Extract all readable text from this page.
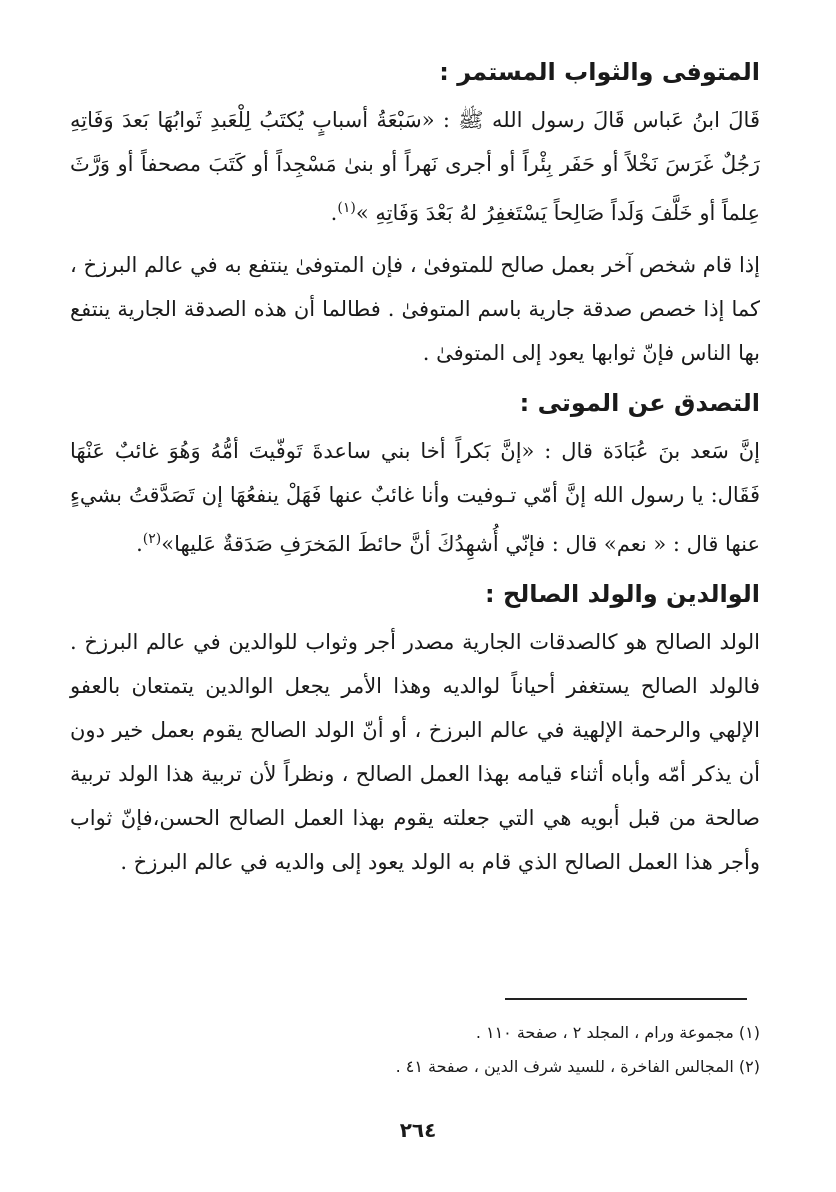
المتوفى والثواب المستمر :

قَالَ ابنُ عَباس قَالَ رسول الله ﷺ : «سَبْعَةُ أسبابٍ يُكتَبُ لِلْعَبدِ ثَوابُهَا بَعدَ وَفَاتِهِ رَجُلٌ غَرَسَ نَخْلاً أو حَفَر بِئْراً أو أجرى نَهراً أو بنىٰ مَسْجِداً أو كَتَبَ مصحفاً أو وَرَّثَ عِلماً أو خَلَّفَ وَلَداً صَالِحاً يَسْتَغفِرُ لهُ بَعْدَ وَفَاتِهِ »$^{(١)}$.

إذا قام شخص آخر بعمل صالح للمتوفىٰ ، فإن المتوفىٰ ينتفع به في عالم البرزخ ، كما إذا خصص صدقة جارية باسم المتوفىٰ . فطالما أن هذه الصدقة الجارية ينتفع بها الناس فإنّ ثوابها يعود إلى المتوفىٰ .

التصدق عن الموتى :

إنَّ سَعد بنَ عُبَادَة قال : «إنَّ بَكراً أخا بني ساعدةَ تَوفّيتَ أمُّهُ وَهُوَ غائبٌ عَنْهَا فَقَال: يا رسول الله إنَّ أمّي تـوفيت وأنا غائبٌ عنها فَهَلْ ينفعُهَا إن تَصَدَّقتُ بشيءٍ عنها قال : « نعم» قال : فإنّي أُشهِدُكَ أنَّ حائطَ المَخرَفِ صَدَقةٌ عَليها»$^{(٢)}$.

الوالدين والولد الصالح :

الولد الصالح هو كالصدقات الجارية مصدر أجر وثواب للوالدين في عالم البرزخ . فالولد الصالح يستغفر أحياناً لوالديه وهذا الأمر يجعل الوالدين يتمتعان بالعفو الإلهي والرحمة الإلهية في عالم البرزخ ، أو أنّ الولد الصالح يقوم بعمل خير دون أن يذكر أمّه وأباه أثناء قيامه بهذا العمل الصالح ، ونظراً لأن تربية هذا الولد تربية صالحة من قبل أبويه هي التي جعلته يقوم بهذا العمل الصالح الحسن،فإنّ ثواب وأجر هذا العمل الصالح الذي قام به الولد يعود إلى والديه في عالم البرزخ .

(١) مجموعة ورام ، المجلد ٢ ، صفحة ١١٠ .

(٢) المجالس الفاخرة ، للسيد شرف الدين ، صفحة ٤١ .

٢٦٤
